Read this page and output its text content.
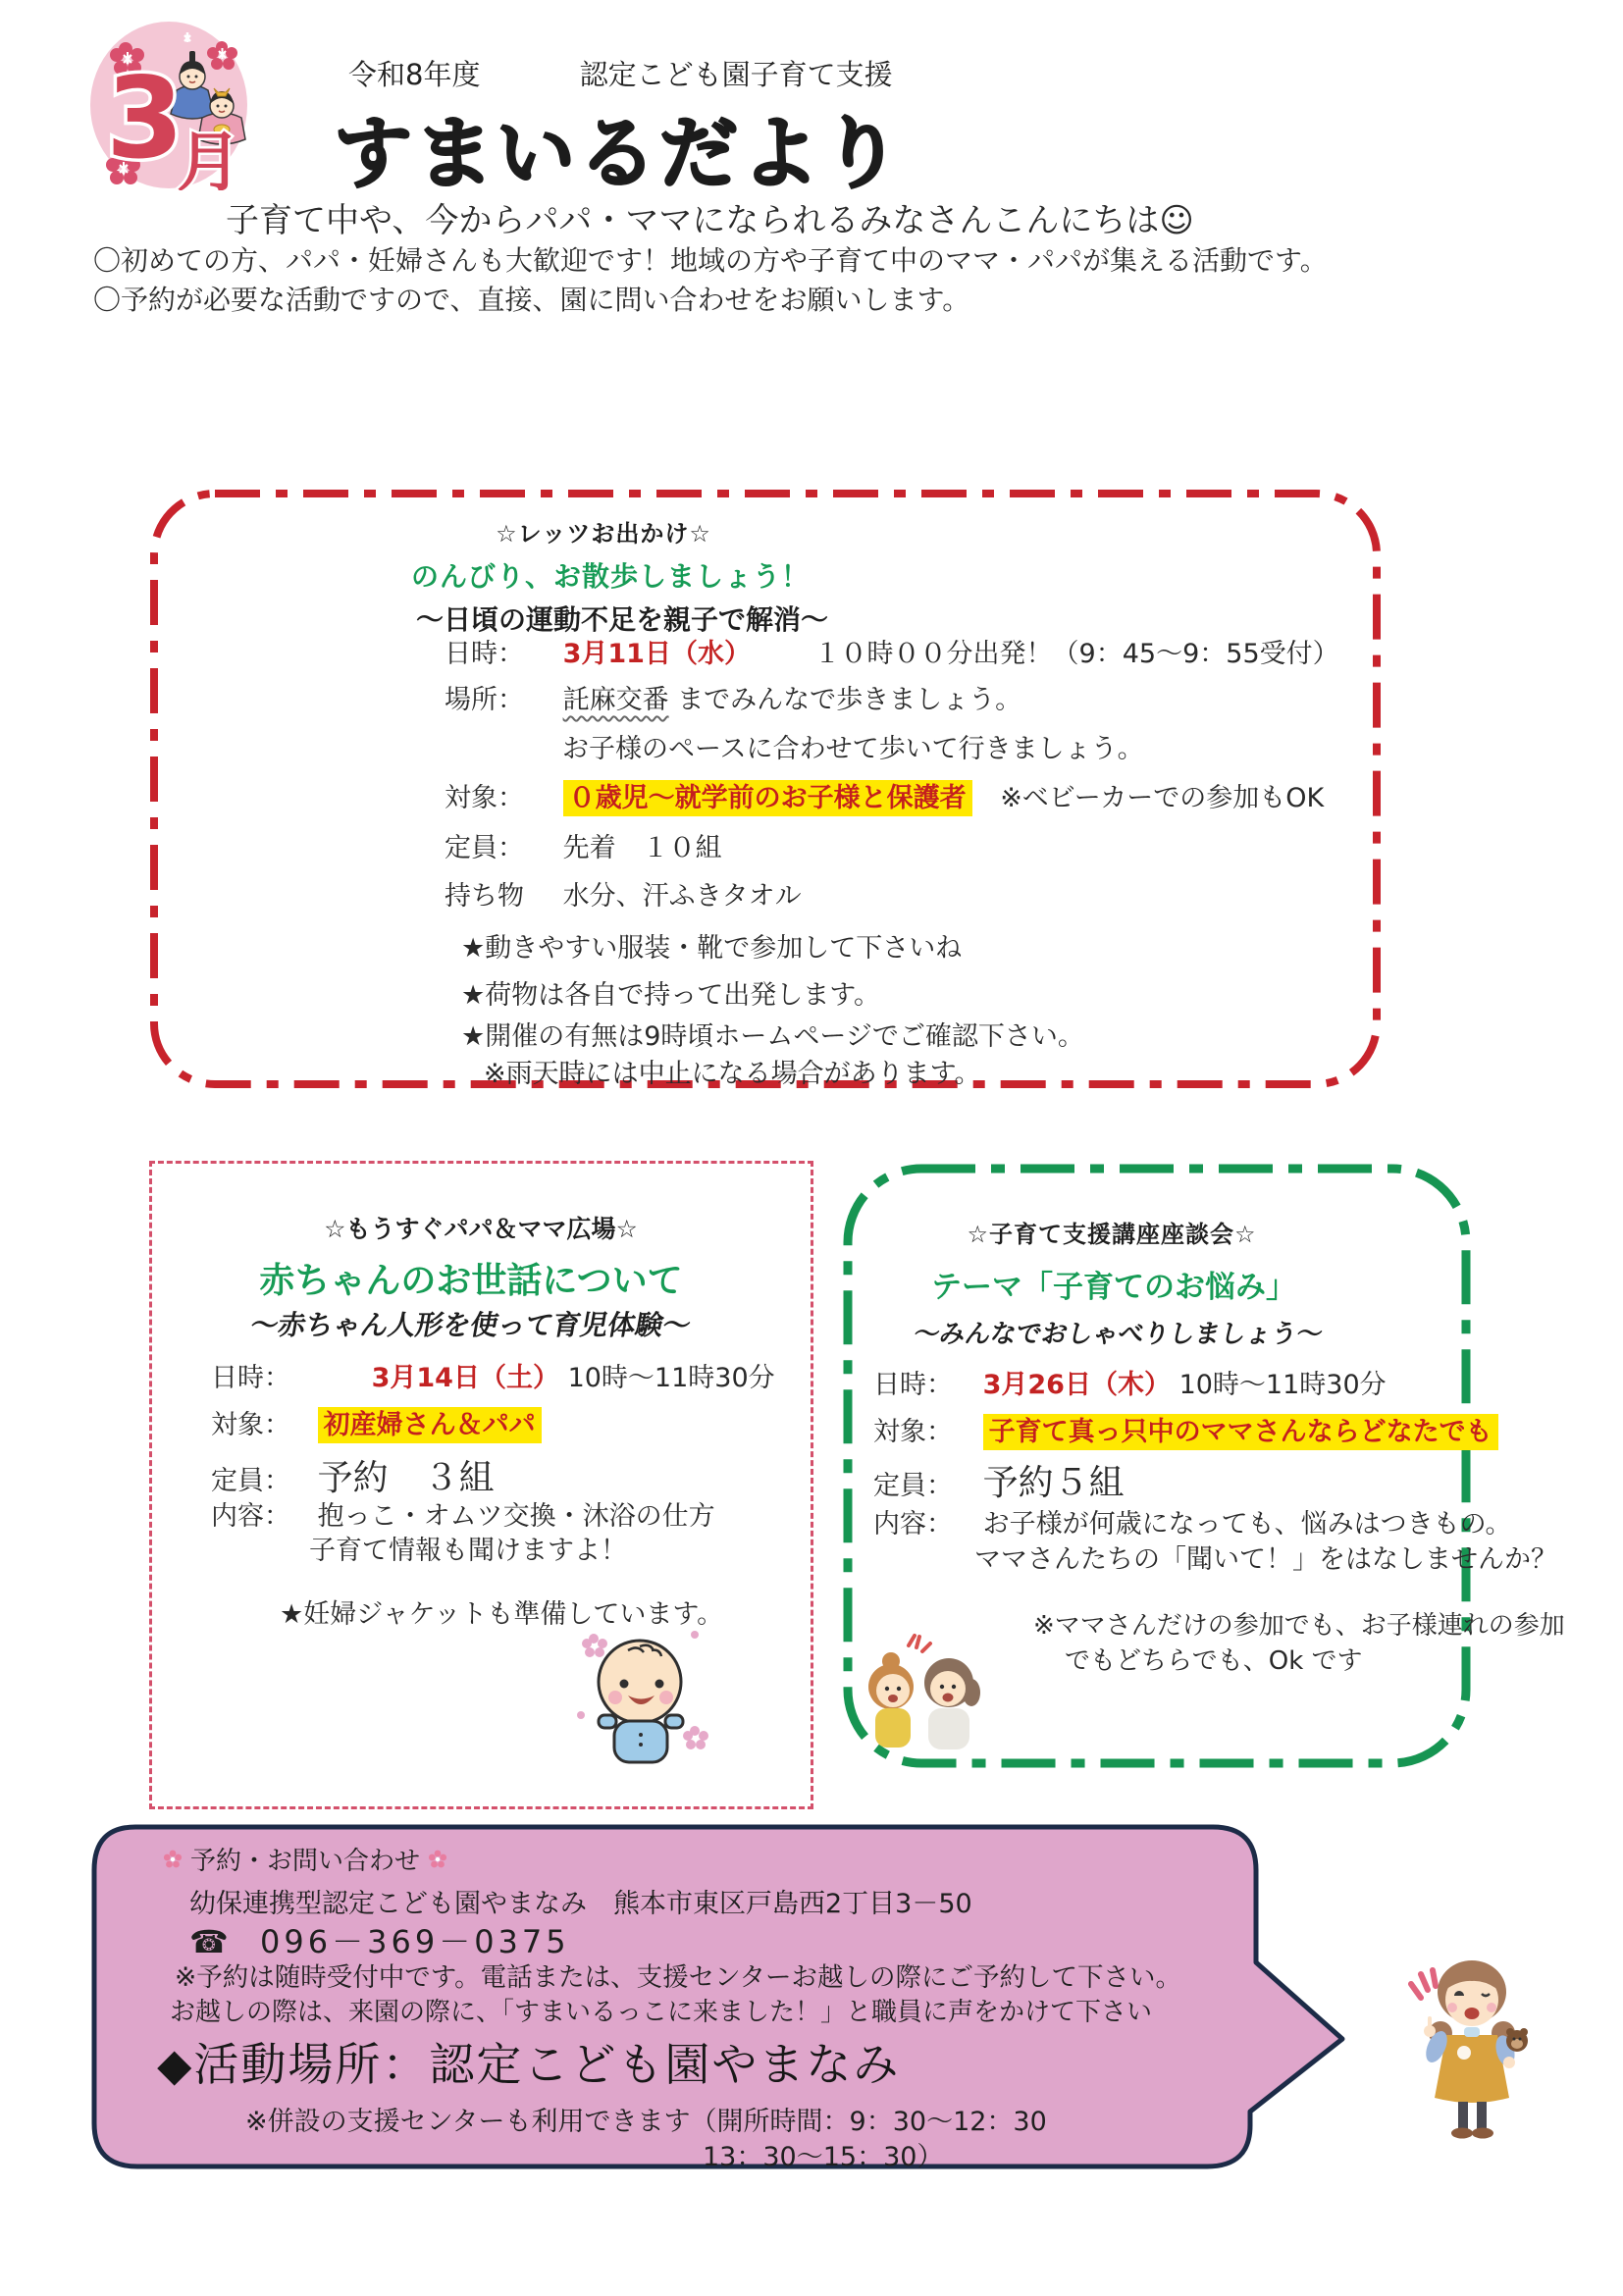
3
月
令和8年度	認定こども園子育て支援
すまいるだより
子育て中や、今からパパ・ママになられるみなさんこんにちは☺
〇初めての方、パパ・妊婦さんも大歓迎です！地域の方や子育て中のママ・パパが集える活動です。
〇予約が必要な活動ですので、直接、園に問い合わせをお願いします。
☆レッツお出かけ☆
のんびり、お散歩しましょう！
～日頃の運動不足を親子で解消～
日時： 3月11日（水） １０時００分出発！（9：45～9：55受付）
場所： 託麻交番 までみんなで歩きましょう。
お子様のペースに合わせて歩いて行きましょう。
対象： ０歳児～就学前のお子様と保護者 ※ベビーカーでの参加もOK
定員： 先着　１０組
持ち物 水分、汗ふきタオル
★動きやすい服装・靴で参加して下さいね
★荷物は各自で持って出発します。
★開催の有無は9時頃ホームページでご確認下さい。
※雨天時には中止になる場合があります。
☆もうすぐパパ＆ママ広場☆
赤ちゃんのお世話について
～赤ちゃん人形を使って育児体験～
日時：	3月14日（土） 10時～11時30分
対象： 初産婦さん＆パパ
定員： 予約　３組
内容： 抱っこ・オムツ交換・沐浴の仕方
子育て情報も聞けますよ！
★妊婦ジャケットも準備しています。
☆子育て支援講座座談会☆
テーマ「子育てのお悩み」
～みんなでおしゃべりしましょう～
日時： 3月26日（木） 10時～11時30分
対象： 子育て真っ只中のママさんならどなたでも
定員： 予約５組
内容： お子様が何歳になっても、悩みはつきもの。
ママさんたちの「聞いて！」をはなしませんか？
※ママさんだけの参加でも、お子様連れの参加
でもどちらでも、Ok です
予約・お問い合わせ
幼保連携型認定こども園やまなみ　熊本市東区戸島西2丁目3－50
☎ 096－369－0375
※予約は随時受付中です。電話または、支援センターお越しの際にご予約して下さい。
お越しの際は、来園の際に、「すまいるっこに来ました！」と職員に声をかけて下さい
◆活動場所：認定こども園やまなみ
※併設の支援センターも利用できます（開所時間：9：30～12：30
13：30～15：30）
